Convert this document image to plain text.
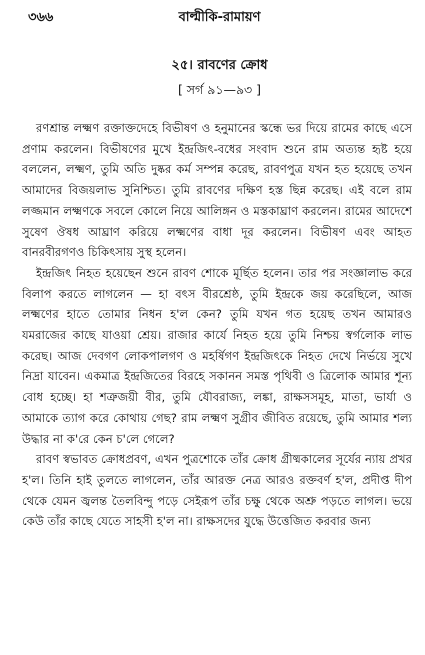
৩৬৬	বাল্মীকি-রামায়ণ
২৫। রাবণের ক্রোধ
[ সর্গ ৯১—৯৩ ]

রণশ্রান্ত লক্ষ্মণ রক্তাক্তদেহে বিভীষণ ও হনুমানের স্কন্ধে ভর দিয়ে রামের কাছে এসে প্রণাম করলেন। বিভীষণের মুখে ইন্দ্রজিৎ-বধের সংবাদ শুনে রাম অত্যন্ত হৃষ্ট হয়ে বললেন, লক্ষ্মণ, তুমি অতি দুষ্কর কর্ম সম্পন্ন করেছ, রাবণপুত্র যখন হত হয়েছে তখন আমাদের বিজয়লাভ সুনিশ্চিত। তুমি রাবণের দক্ষিণ হস্ত ছিন্ন করেছ। এই বলে রাম লজ্জমান লক্ষ্মণকে সবলে কোলে নিয়ে আলিঙ্গন ও মস্তকাঘ্রাণ করলেন। রামের আদেশে সুষেণ ঔষধ আঘ্রাণ করিয়ে লক্ষ্মণের বাধা দূর করলেন। বিভীষণ এবং আহত বানরবীরগণও চিকিৎসায় সুস্থ হলেন।

ইন্দ্রজিৎ নিহত হয়েছেন শুনে রাবণ শোকে মূর্ছিত হলেন। তার পর সংজ্ঞালাভ করে বিলাপ করতে লাগলেন — হা বৎস বীরশ্রেষ্ঠ, তুমি ইন্দ্রকে জয় করেছিলে, আজ লক্ষ্মণের হাতে তোমার নিধন হ'ল কেন? তুমি যখন গত হয়েছ তখন আমারও যমরাজের কাছে যাওয়া শ্রেয়। রাজার কার্যে নিহত হয়ে তুমি নিশ্চয় স্বর্গলোক লাভ করেছ। আজ দেবগণ লোকপালগণ ও মহর্ষিগণ ইন্দ্রজিৎকে নিহত দেখে নির্ভয়ে সুখে নিদ্রা যাবেন। একমাত্র ইন্দ্রজিতের বিরহে সকানন সমস্ত পৃথিবী ও ত্রিলোক আমার শূন্য বোধ হচ্ছে। হা শত্রুজয়ী বীর, তুমি যৌবরাজ্য, লঙ্কা, রাক্ষসসমূহ, মাতা, ভার্যা ও আমাকে ত্যাগ করে কোথায় গেছ? রাম লক্ষ্মণ সুগ্রীব জীবিত রয়েছে, তুমি আমার শল্য উদ্ধার না ক'রে কেন চ'লে গেলে?

রাবণ স্বভাবত ক্রোধপ্রবণ, এখন পুত্রশোকে তাঁর ক্রোধ গ্রীষ্মকালের সূর্যের ন্যায় প্রখর হ'ল। তিনি হাই তুলতে লাগলেন, তাঁর আরক্ত নেত্র আরও রক্তবর্ণ হ'ল, প্রদীপ্ত দীপ থেকে যেমন জ্বলন্ত তৈলবিন্দু পড়ে সেইরূপ তাঁর চক্ষু থেকে অশ্রু পড়তে লাগল। ভয়ে কেউ তাঁর কাছে যেতে সাহসী হ'ল না। রাক্ষসদের যুদ্ধে উত্তেজিত করবার জন্য
